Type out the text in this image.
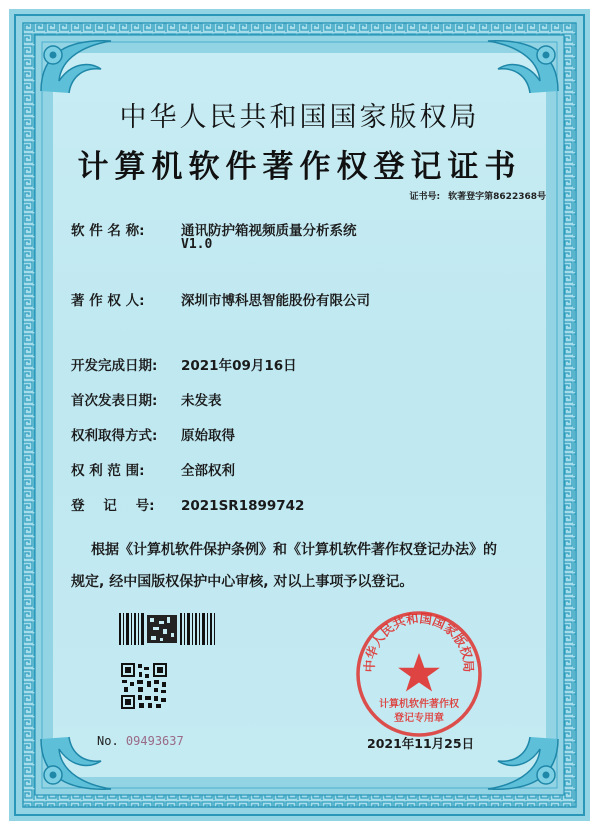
中华人民共和国国家版权局
计算机软件著作权登记证书
证书号: 软著登字第8622368号
软 件 名 称:	通讯防护箱视频质量分析系统
V1.0
著 作 权 人:	深圳市博科思智能股份有限公司
开发完成日期: 2021年09月16日
首次发表日期: 未发表
权利取得方式: 原始取得
权 利 范 围:	全部权利
登    记    号: 2021SR1899742
根据《计算机软件保护条例》和《计算机软件著作权登记办法》的
规定, 经中国版权保护中心审核, 对以上事项予以登记。
No. 09493637
中华人民共和国国家版权局
计算机软件著作权
登记专用章
2021年11月25日
